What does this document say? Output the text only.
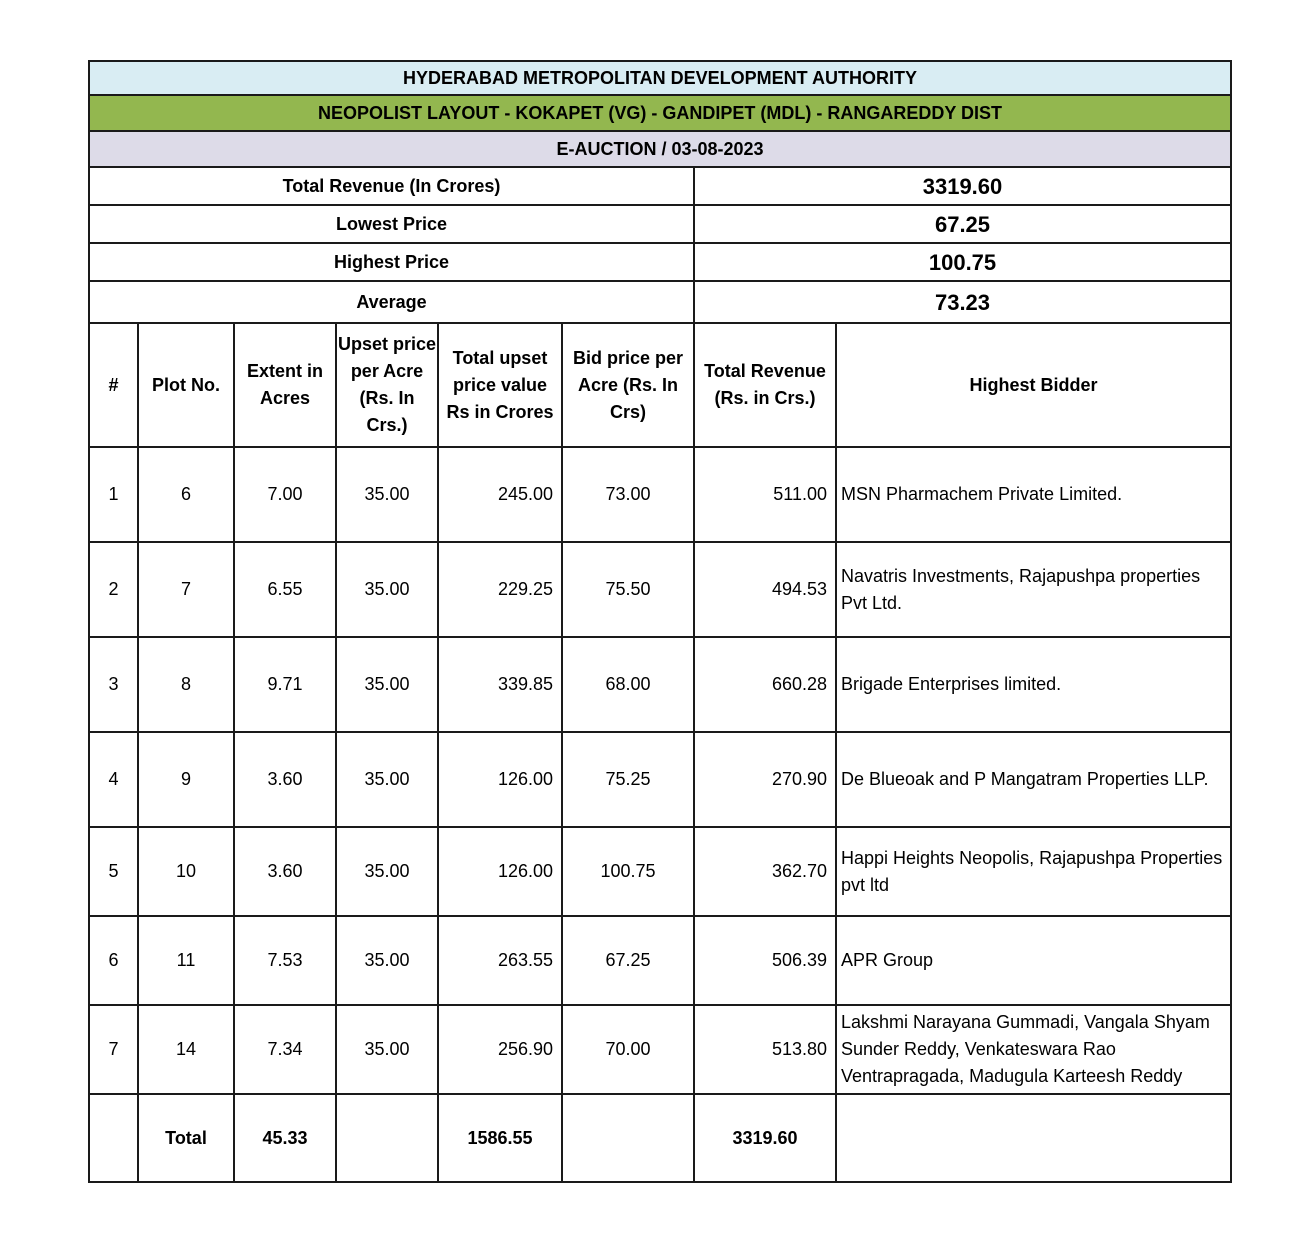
HYDERABAD METROPOLITAN DEVELOPMENT AUTHORITY							
NEOPOLIST LAYOUT - KOKAPET (VG) - GANDIPET (MDL) - RANGAREDDY DIST							
E-AUCTION / 03-08-2023							
Total Revenue (In Crores)						3319.60	
Lowest Price						67.25	
Highest Price						100.75	
Average						73.23	
#	Plot No.	Extent in Acres	Upset price per Acre (Rs. In Crs.)	Total upset price value Rs in Crores	Bid price per Acre (Rs. In Crs)	Total Revenue (Rs. in Crs.)	Highest Bidder
1	6	7.00	35.00	245.00	73.00	511.00	MSN Pharmachem Private Limited.
2	7	6.55	35.00	229.25	75.50	494.53	Navatris Investments, Rajapushpa properties Pvt Ltd.
3	8	9.71	35.00	339.85	68.00	660.28	Brigade Enterprises limited.
4	9	3.60	35.00	126.00	75.25	270.90	De Blueoak and P Mangatram Properties LLP.
5	10	3.60	35.00	126.00	100.75	362.70	Happi Heights Neopolis, Rajapushpa Properties pvt ltd
6	11	7.53	35.00	263.55	67.25	506.39	APR Group
7	14	7.34	35.00	256.90	70.00	513.80	Lakshmi Narayana Gummadi, Vangala Shyam Sunder Reddy, Venkateswara Rao Ventrapragada, Madugula Karteesh Reddy
	Total	45.33		1586.55		3319.60	
